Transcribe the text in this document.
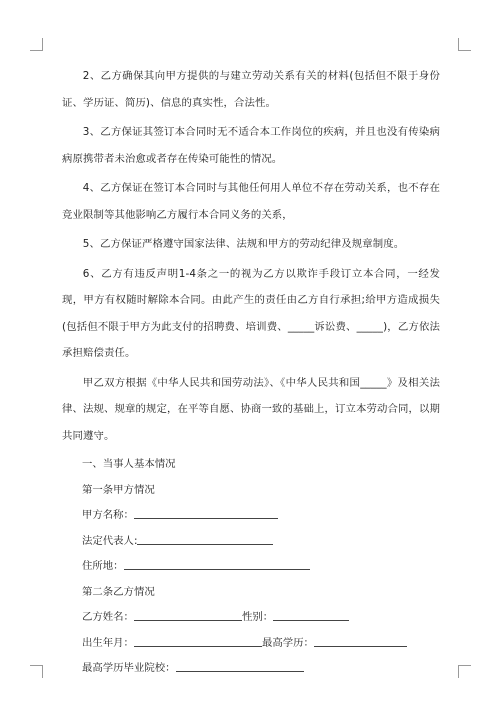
2、乙方确保其向甲方提供的与建立劳动关系有关的材料(包括但不限于身份证、学历证、简历)、信息的真实性，合法性。

3、乙方保证其签订本合同时无不适合本工作岗位的疾病，并且也没有传染病病原携带者未治愈或者存在传染可能性的情况。

4、乙方保证在签订本合同时与其他任何用人单位不存在劳动关系，也不存在竞业限制等其他影响乙方履行本合同义务的关系，

5、乙方保证严格遵守国家法律、法规和甲方的劳动纪律及规章制度。

6、乙方有违反声明1-4条之一的视为乙方以欺诈手段订立本合同，一经发现，甲方有权随时解除本合同。由此产生的责任由乙方自行承担;给甲方造成损失(包括但不限于甲方为此支付的招聘费、培训费、_____诉讼费、_____)，乙方依法承担赔偿责任。

甲乙双方根据《中华人民共和国劳动法》、《中华人民共和国_____》及相关法律、法规、规章的规定，在平等自愿、协商一致的基础上，订立本劳动合同，以期共同遵守。

一、当事人基本情况
第一条甲方情况
甲方名称：
法定代表人:
住所地：
第二条乙方情况
乙方姓名：	性别：
出生年月：	最高学历：
最高学历毕业院校：
